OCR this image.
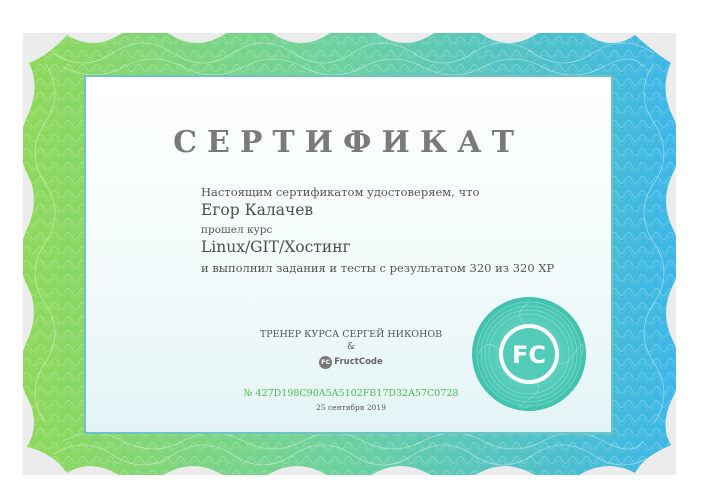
СЕРТИФИКАТ
Настоящим сертификатом удостоверяем, что
Егор Калачев
прошел курс
Linux/GIT/Хостинг
и выполнил задания и тесты с результатом 320 из 320 XP
ТРЕНЕР КУРСА СЕРГЕЙ НИКОНОВ
&
FC FructCode
№ 427D198C90A5A5102FB17D32A57C0728
25 сентября 2019
FC
